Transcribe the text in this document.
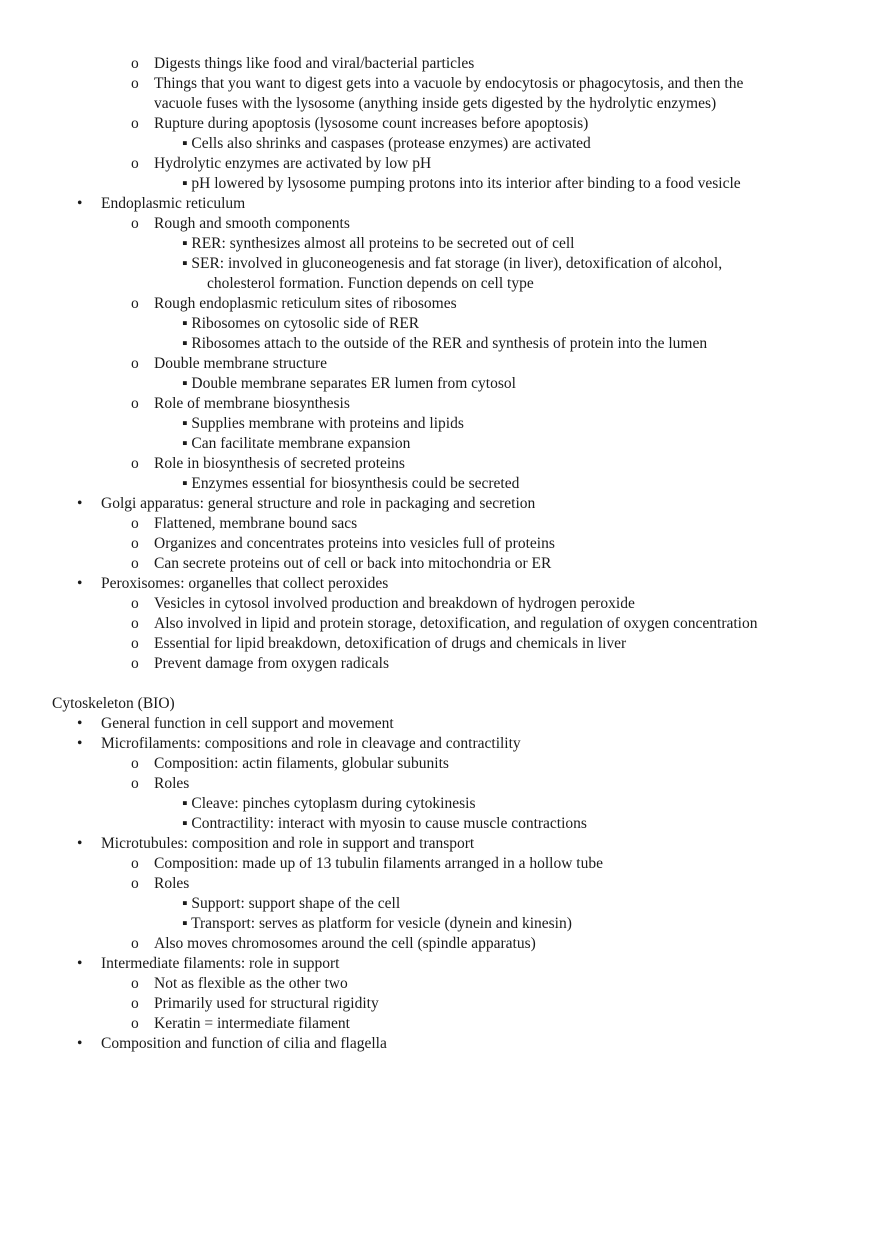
o Digests things like food and viral/bacterial particles
o Things that you want to digest gets into a vacuole by endocytosis or phagocytosis, and then the
vacuole fuses with the lysosome (anything inside gets digested by the hydrolytic enzymes)
o Rupture during apoptosis (lysosome count increases before apoptosis)
▪ Cells also shrinks and caspases (protease enzymes) are activated
o Hydrolytic enzymes are activated by low pH
▪ pH lowered by lysosome pumping protons into its interior after binding to a food vesicle
• Endoplasmic reticulum
o Rough and smooth components
▪ RER: synthesizes almost all proteins to be secreted out of cell
▪ SER: involved in gluconeogenesis and fat storage (in liver), detoxification of alcohol,
cholesterol formation. Function depends on cell type
o Rough endoplasmic reticulum sites of ribosomes
▪ Ribosomes on cytosolic side of RER
▪ Ribosomes attach to the outside of the RER and synthesis of protein into the lumen
o Double membrane structure
▪ Double membrane separates ER lumen from cytosol
o Role of membrane biosynthesis
▪ Supplies membrane with proteins and lipids
▪ Can facilitate membrane expansion
o Role in biosynthesis of secreted proteins
▪ Enzymes essential for biosynthesis could be secreted
• Golgi apparatus: general structure and role in packaging and secretion
o Flattened, membrane bound sacs
o Organizes and concentrates proteins into vesicles full of proteins
o Can secrete proteins out of cell or back into mitochondria or ER
• Peroxisomes: organelles that collect peroxides
o Vesicles in cytosol involved production and breakdown of hydrogen peroxide
o Also involved in lipid and protein storage, detoxification, and regulation of oxygen concentration
o Essential for lipid breakdown, detoxification of drugs and chemicals in liver
o Prevent damage from oxygen radicals
Cytoskeleton (BIO)
• General function in cell support and movement
• Microfilaments: compositions and role in cleavage and contractility
o Composition: actin filaments, globular subunits
o Roles
▪ Cleave: pinches cytoplasm during cytokinesis
▪ Contractility: interact with myosin to cause muscle contractions
• Microtubules: composition and role in support and transport
o Composition: made up of 13 tubulin filaments arranged in a hollow tube
o Roles
▪ Support: support shape of the cell
▪ Transport: serves as platform for vesicle (dynein and kinesin)
o Also moves chromosomes around the cell (spindle apparatus)
• Intermediate filaments: role in support
o Not as flexible as the other two
o Primarily used for structural rigidity
o Keratin = intermediate filament
• Composition and function of cilia and flagella
